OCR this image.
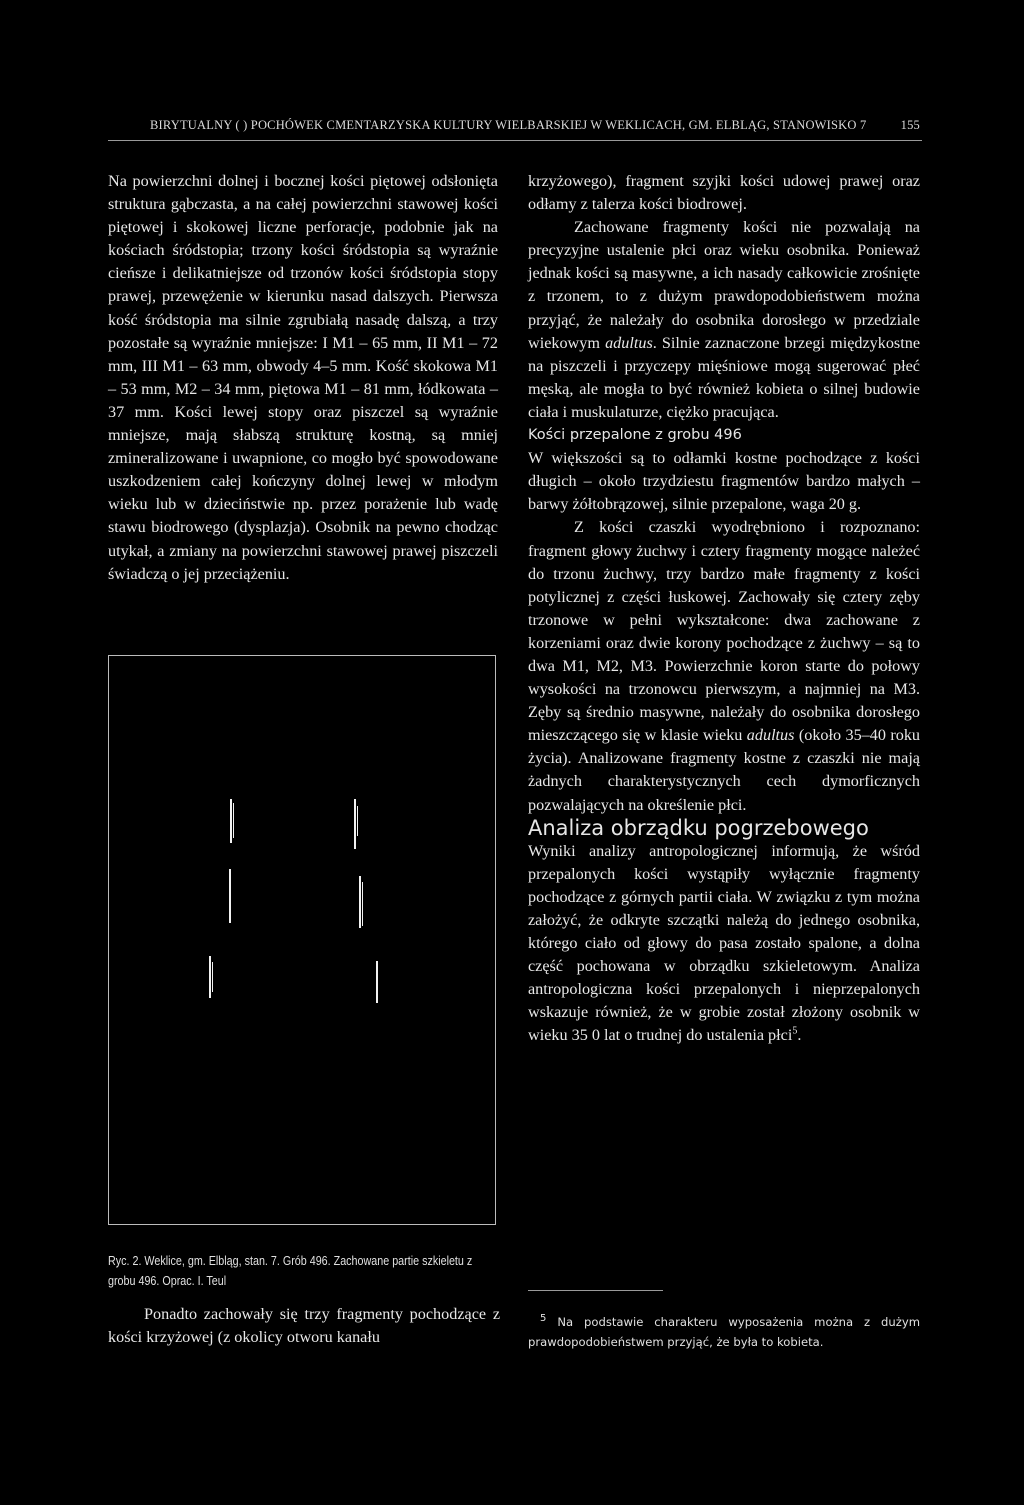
BIRYTUALNY ( ) POCHÓWEK CMENTARZYSKA KULTURY WIELBARSKIEJ W WEKLICACH, GM. ELBLĄG, STANOWISKO 7	155

Na powierzchni dolnej i bocznej kości piętowej odsłonięta struktura gąbczasta, a na całej powierzchni stawowej kości piętowej i skokowej liczne perforacje, podobnie jak na kościach śródstopia; trzony kości śródstopia są wyraźnie cieńsze i delikatniejsze od trzonów kości śródstopia stopy prawej, przewężenie w kierunku nasad dalszych. Pierwsza kość śródstopia ma silnie zgrubiałą nasadę dalszą, a trzy pozostałe są wyraźnie mniejsze: I M1 – 65 mm, II M1 – 72 mm, III M1 – 63 mm, obwody 4–5 mm. Kość skokowa M1 – 53 mm, M2 – 34 mm, piętowa M1 – 81 mm, łódkowata – 37 mm. Kości lewej stopy oraz piszczel są wyraźnie mniejsze, mają słabszą strukturę kostną, są mniej zmineralizowane i uwapnione, co mogło być spowodowane uszkodzeniem całej kończyny dolnej lewej w młodym wieku lub w dzieciństwie np. przez porażenie lub wadę stawu biodrowego (dysplazja). Osobnik na pewno chodząc utykał, a zmiany na powierzchni stawowej prawej piszczeli świadczą o jej przeciążeniu.

Ryc. 2. Weklice, gm. Elbląg, stan. 7. Grób 496. Zachowane partie szkieletu z grobu 496. Oprac. I. Teul
Ponadto zachowały się trzy fragmenty pochodzące z kości krzyżowej (z okolicy otworu kanału

krzyżowego), fragment szyjki kości udowej prawej oraz odłamy z talerza kości biodrowej.

Zachowane fragmenty kości nie pozwalają na precyzyjne ustalenie płci oraz wieku osobnika. Ponieważ jednak kości są masywne, a ich nasady całkowicie zrośnięte z trzonem, to z dużym prawdopodobieństwem można przyjąć, że należały do osobnika dorosłego w przedziale wiekowym adultus. Silnie zaznaczone brzegi międzykostne na piszczeli i przyczepy mięśniowe mogą sugerować płeć męską, ale mogła to być również kobieta o silnej budowie ciała i muskulaturze, ciężko pracująca.

Kości przepalone z grobu 496

W większości są to odłamki kostne pochodzące z kości długich – około trzydziestu fragmentów bardzo małych – barwy żółtobrązowej, silnie przepalone, waga 20 g.

Z kości czaszki wyodrębniono i rozpoznano: fragment głowy żuchwy i cztery fragmenty mogące należeć do trzonu żuchwy, trzy bardzo małe fragmenty z kości potylicznej z części łuskowej. Zachowały się cztery zęby trzonowe w pełni wykształcone: dwa zachowane z korzeniami oraz dwie korony pochodzące z żuchwy – są to dwa M1, M2, M3. Powierzchnie koron starte do połowy wysokości na trzonowcu pierwszym, a najmniej na M3. Zęby są średnio masywne, należały do osobnika dorosłego mieszczącego się w klasie wieku adultus (około 35–40 roku życia). Analizowane fragmenty kostne z czaszki nie mają żadnych charakterystycznych cech dymorficznych pozwalających na określenie płci.

Analiza obrządku pogrzebowego

Wyniki analizy antropologicznej informują, że wśród przepalonych kości wystąpiły wyłącznie fragmenty pochodzące z górnych partii ciała. W związku z tym można założyć, że odkryte szczątki należą do jednego osobnika, którego ciało od głowy do pasa zostało spalone, a dolna część pochowana w obrządku szkieletowym. Analiza antropologiczna kości przepalonych i nieprzepalonych wskazuje również, że w grobie został złożony osobnik w wieku 35 0 lat o trudnej do ustalenia płci$^5$.

$^5$ Na podstawie charakteru wyposażenia można z dużym prawdopodobieństwem przyjąć, że była to kobieta.
